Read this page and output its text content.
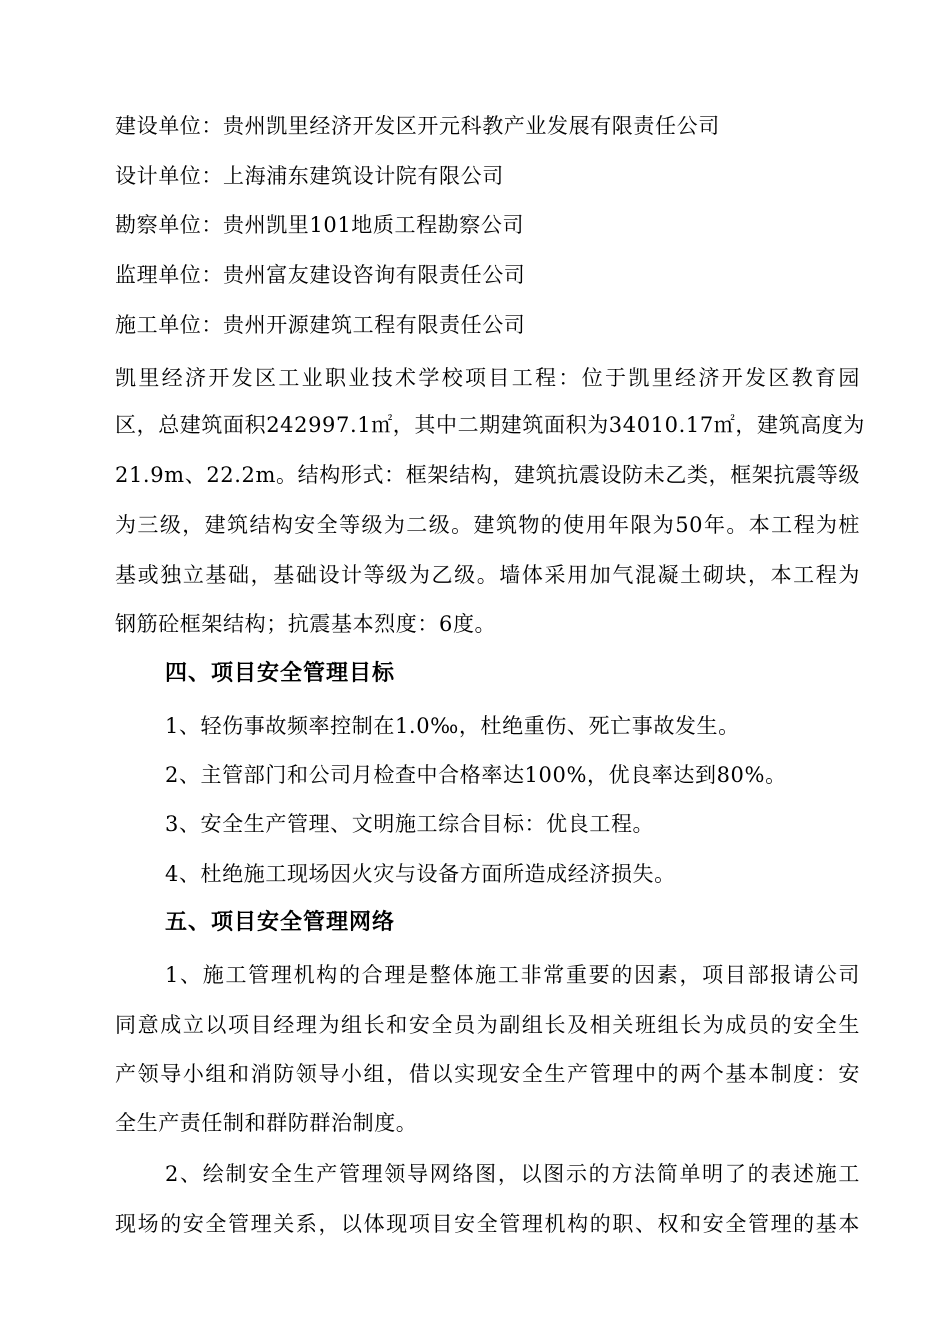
建设单位：贵州凯里经济开发区开元科教产业发展有限责任公司
设计单位：上海浦东建筑设计院有限公司
勘察单位：贵州凯里101地质工程勘察公司
监理单位：贵州富友建设咨询有限责任公司
施工单位：贵州开源建筑工程有限责任公司
凯里经济开发区工业职业技术学校项目工程：位于凯里经济开发区教育园
区，总建筑面积242997.1㎡，其中二期建筑面积为34010.17㎡，建筑高度为
21.9m、22.2m。结构形式：框架结构，建筑抗震设防未乙类，框架抗震等级
为三级，建筑结构安全等级为二级。建筑物的使用年限为50年。本工程为桩
基或独立基础，基础设计等级为乙级。墙体采用加气混凝土砌块，本工程为
钢筋砼框架结构；抗震基本烈度：6度。
四、项目安全管理目标
1、轻伤事故频率控制在1.0‰，杜绝重伤、死亡事故发生。
2、主管部门和公司月检查中合格率达100%，优良率达到80%。
3、安全生产管理、文明施工综合目标：优良工程。
4、杜绝施工现场因火灾与设备方面所造成经济损失。
五、项目安全管理网络
1、施工管理机构的合理是整体施工非常重要的因素，项目部报请公司
同意成立以项目经理为组长和安全员为副组长及相关班组长为成员的安全生
产领导小组和消防领导小组，借以实现安全生产管理中的两个基本制度：安
全生产责任制和群防群治制度。
2、绘制安全生产管理领导网络图，以图示的方法简单明了的表述施工
现场的安全管理关系，以体现项目安全管理机构的职、权和安全管理的基本
